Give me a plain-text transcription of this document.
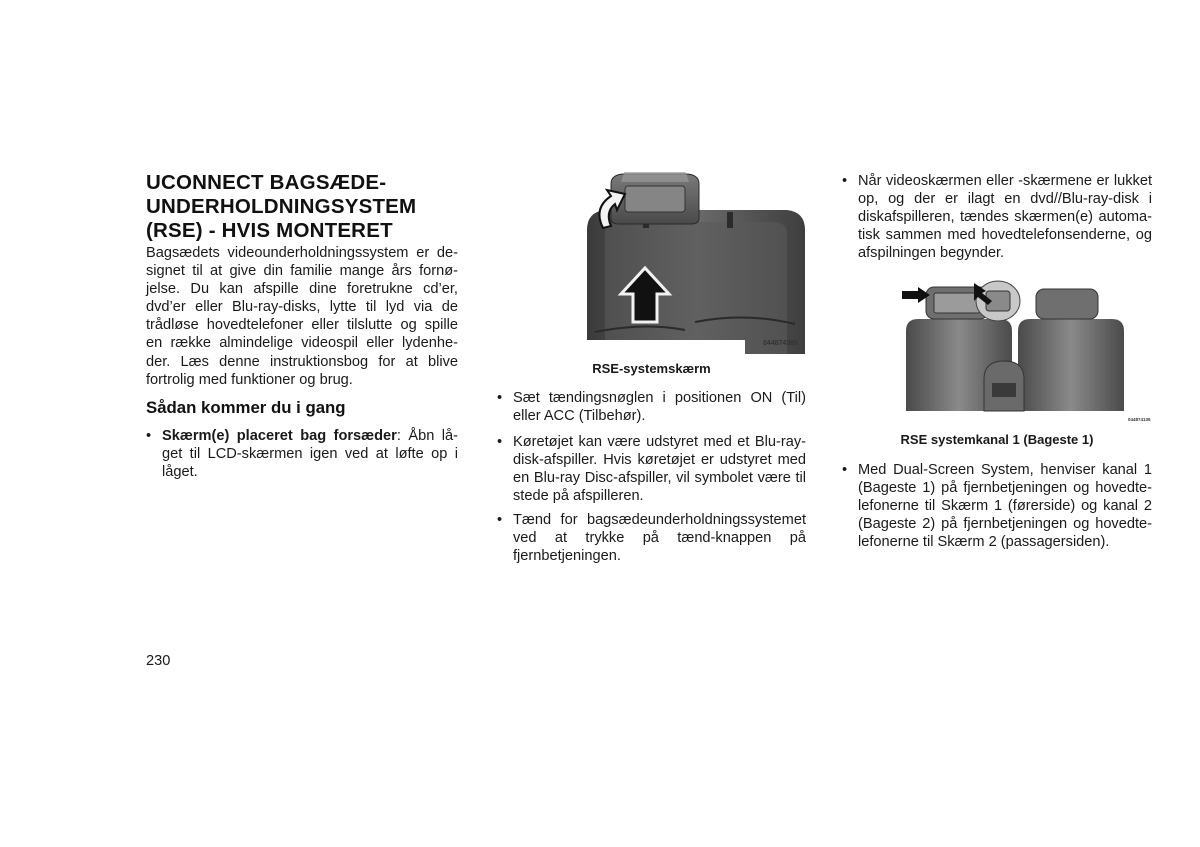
UCONNECT BAGSÆDE-
UNDERHOLDNINGSYSTEM
(RSE) - HVIS MONTERET

Bagsædets videounderholdningssystem er de-signet til at give din familie mange års fornø-jelse. Du kan afspille dine foretrukne cd’er, dvd’er eller Blu-ray-disks, lytte til lyd via de trådløse hovedtelefoner eller tilslutte og spille en række almindelige videospil eller lydenhe-der. Læs denne instruktionsbog for at blive fortrolig med funktioner og brug.

Sådan kommer du i gang
• Skærm(e) placeret bag forsæder: Åbn lå-get til LCD-skærmen igen ved at løfte op i låget.
044874385
RSE-systemskærm
• Sæt tændingsnøglen i positionen ON (Til) eller ACC (Tilbehør).
• Køretøjet kan være udstyret med et Blu-ray-disk-afspiller. Hvis køretøjet er udstyret med en Blu-ray Disc-afspiller, vil symbolet være til stede på afspilleren.
• Tænd for bagsædeunderholdningssystemet ved at trykke på tænd-knappen på fjernbetjeningen.
• Når videoskærmen eller -skærmene er lukket op, og der er ilagt en dvd//Blu-ray-disk i diskafspilleren, tændes skærmen(e) automa-tisk sammen med hovedtelefonsenderne, og afspilningen begynder.
044874135
RSE systemkanal 1 (Bageste 1)
• Med Dual-Screen System, henviser kanal 1 (Bageste 1) på fjernbetjeningen og hovedte-lefonerne til Skærm 1 (førerside) og kanal 2 (Bageste 2) på fjernbetjeningen og hovedte-lefonerne til Skærm 2 (passagersiden).
230
